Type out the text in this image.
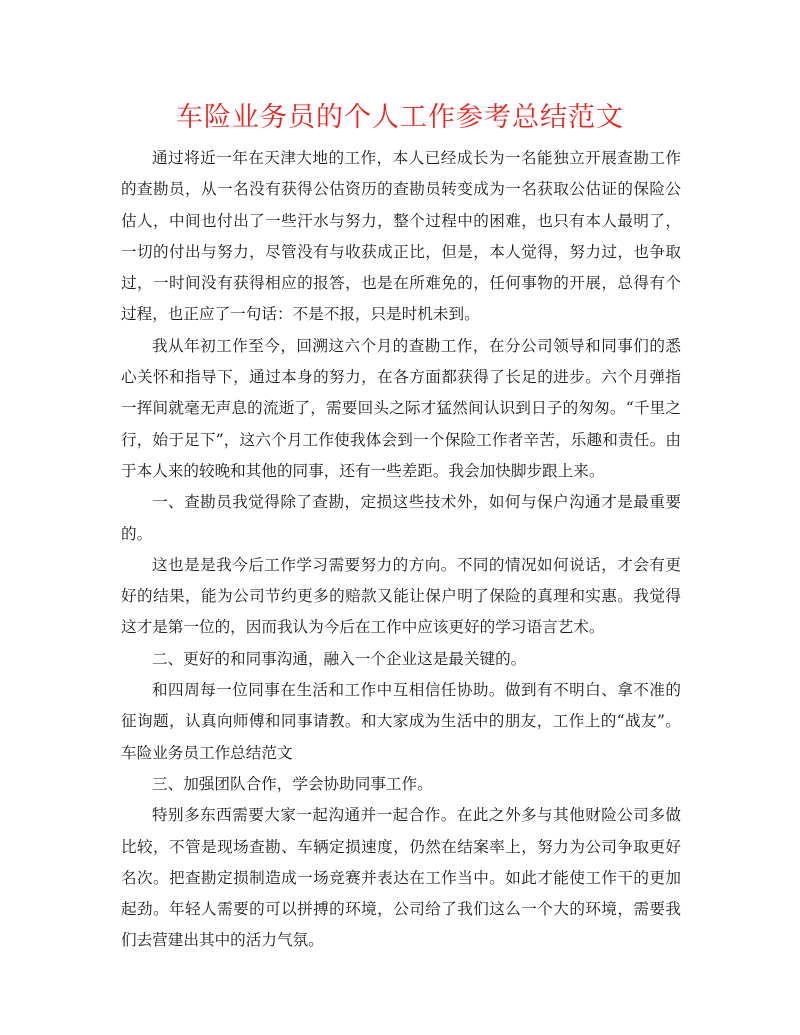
车险业务员的个人工作参考总结范文

通过将近一年在天津大地的工作，本人已经成长为一名能独立开展查勘工作的查勘员，从一名没有获得公估资历的查勘员转变成为一名获取公估证的保险公估人，中间也付出了一些汗水与努力，整个过程中的困难，也只有本人最明了，一切的付出与努力，尽管没有与收获成正比，但是，本人觉得，努力过，也争取过，一时间没有获得相应的报答，也是在所难免的，任何事物的开展，总得有个过程，也正应了一句话：不是不报，只是时机未到。

我从年初工作至今，回溯这六个月的查勘工作，在分公司领导和同事们的悉心关怀和指导下，通过本身的努力，在各方面都获得了长足的进步。六个月弹指一挥间就毫无声息的流逝了，需要回头之际才猛然间认识到日子的匆匆。“千里之行，始于足下”，这六个月工作使我体会到一个保险工作者辛苦，乐趣和责任。由于本人来的较晚和其他的同事，还有一些差距。我会加快脚步跟上来。

一、查勘员我觉得除了查勘，定损这些技术外，如何与保户沟通才是最重要的。

这也是是我今后工作学习需要努力的方向。不同的情况如何说话，才会有更好的结果，能为公司节约更多的赔款又能让保户明了保险的真理和实惠。我觉得这才是第一位的，因而我认为今后在工作中应该更好的学习语言艺术。

二、更好的和同事沟通，融入一个企业这是最关键的。

和四周每一位同事在生活和工作中互相信任协助。做到有不明白、拿不准的征询题，认真向师傅和同事请教。和大家成为生活中的朋友，工作上的“战友”。车险业务员工作总结范文

三、加强团队合作，学会协助同事工作。

特别多东西需要大家一起沟通并一起合作。在此之外多与其他财险公司多做比较，不管是现场查勘、车辆定损速度，仍然在结案率上，努力为公司争取更好名次。把查勘定损制造成一场竞赛并表达在工作当中。如此才能使工作干的更加起劲。年轻人需要的可以拼搏的环境，公司给了我们这么一个大的环境，需要我们去营建出其中的活力气氛。
